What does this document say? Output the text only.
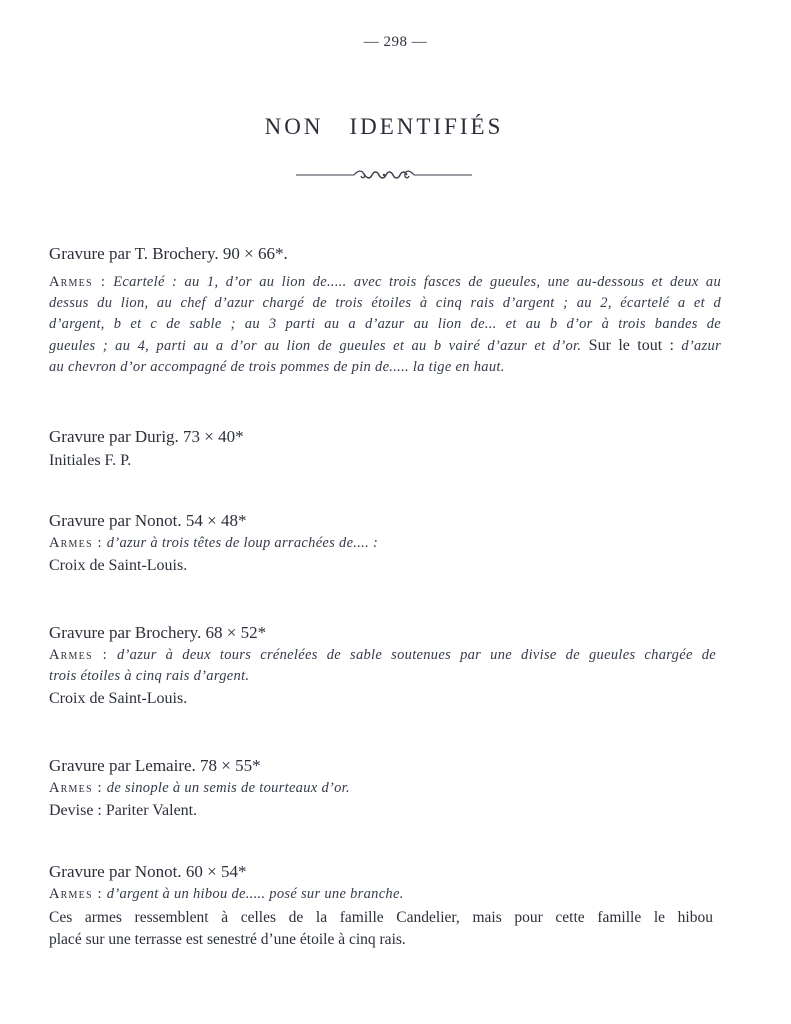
— 298 —
NON IDENTIFIÉS
Gravure par T. Brochery. 90 × 66*.
Armes : Ecartelé : au 1, d’or au lion de..... avec trois fasces de gueules, une au-dessous et deux au
dessus du lion, au chef d’azur chargé de trois étoiles à cinq rais d’argent ; au 2, écartelé a et d
d’argent, b et c de sable ; au 3 parti au a d’azur au lion de... et au b d’or à trois bandes de
gueules ; au 4, parti au a d’or au lion de gueules et au b vairé d’azur et d’or. Sur le tout : d’azur
au chevron d’or accompagné de trois pommes de pin de..... la tige en haut.
Gravure par Durig. 73 × 40*
Initiales F. P.
Gravure par Nonot. 54 × 48*
Armes : d’azur à trois têtes de loup arrachées de.... :
Croix de Saint-Louis.
Gravure par Brochery. 68 × 52*
Armes : d’azur à deux tours crénelées de sable soutenues par une divise de gueules chargée de
trois étoiles à cinq rais d’argent.
Croix de Saint-Louis.
Gravure par Lemaire. 78 × 55*
Armes : de sinople à un semis de tourteaux d’or.
Devise : Pariter Valent.
Gravure par Nonot. 60 × 54*
Armes : d’argent à un hibou de..... posé sur une branche.
Ces armes ressemblent à celles de la famille Candelier, mais pour cette famille le hibou
placé sur une terrasse est senestré d’une étoile à cinq rais.
